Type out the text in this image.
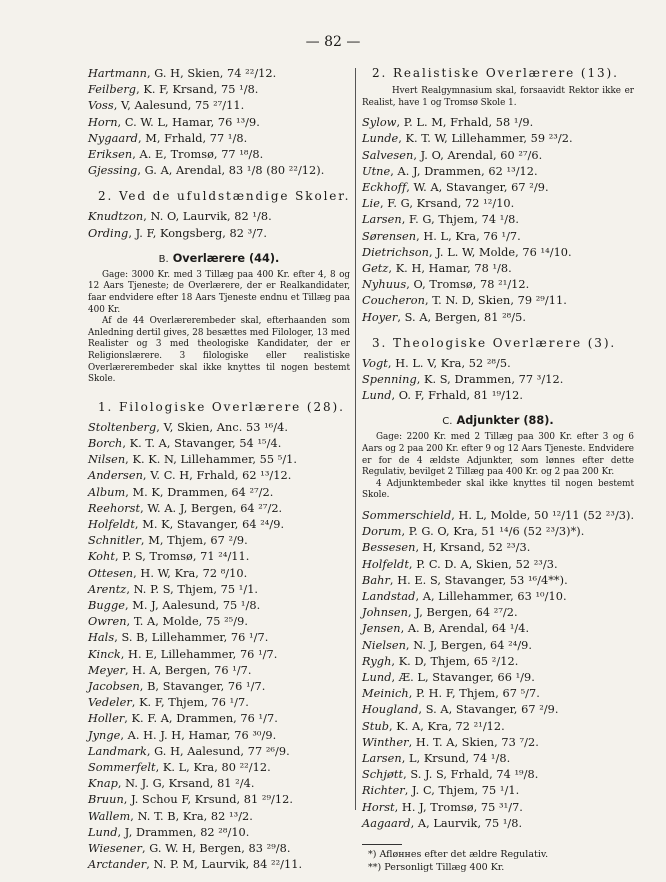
— 82 —
Hartmann, G. H, Skien, 74 ²²/12.
Feilberg, K. F, Krsand, 75 ¹/8.
Voss, V, Aalesund, 75 ²⁷/11.
Horn, C. W. L, Hamar, 76 ¹³/9.
Nygaard, M, Frhald, 77 ¹/8.
Eriksen, A. E, Tromsø, 77 ¹⁸/8.
Gjessing, G. A, Arendal, 83 ¹/8 (80 ²²/12).
2. Ved de ufuldstændige Skoler.
Knudtzon, N. O, Laurvik, 82 ¹/8.
Ording, J. F, Kongsberg, 82 ³/7.
B. Overlærere (44).

Gage: 3000 Kr. med 3 Tillæg paa 400 Kr. efter 4, 8 og 12 Aars Tjeneste; de Overlærere, der er Realkandidater, faar endvidere efter 18 Aars Tjeneste endnu et Tillæg paa 400 Kr.

Af de 44 Overlærerembeder skal, efterhaanden som Anledning dertil gives, 28 besættes med Filologer, 13 med Realister og 3 med theologiske Kandidater, der er Religionslærere. 3 filologiske eller realistiske Overlærerembeder skal ikke knyttes til nogen bestemt Skole.

1. Filologiske Overlærere (28).
Stoltenberg, V, Skien, Anc. 53 ¹⁶/4.
Borch, K. T. A, Stavanger, 54 ¹⁵/4.
Nilsen, K. K. N, Lillehammer, 55 ⁵/1.
Andersen, V. C. H, Frhald, 62 ¹³/12.
Album, M. K, Drammen, 64 ²⁷/2.
Reehorst, W. A. J, Bergen, 64 ²⁷/2.
Holfeldt, M. K, Stavanger, 64 ²⁴/9.
Schnitler, M, Thjem, 67 ²/9.
Koht, P. S, Tromsø, 71 ²⁴/11.
Ottesen, H. W, Kra, 72 ⁸/10.
Arentz, N. P. S, Thjem, 75 ¹/1.
Bugge, M. J, Aalesund, 75 ¹/8.
Owren, T. A, Molde, 75 ²⁵/9.
Hals, S. B, Lillehammer, 76 ¹/7.
Kinck, H. E, Lillehammer, 76 ¹/7.
Meyer, H. A, Bergen, 76 ¹/7.
Jacobsen, B, Stavanger, 76 ¹/7.
Vedeler, K. F, Thjem, 76 ¹/7.
Holler, K. F. A, Drammen, 76 ¹/7.
Jynge, A. H. J. H, Hamar, 76 ³⁰/9.
Landmark, G. H, Aalesund, 77 ²⁶/9.
Sommerfelt, K. L, Kra, 80 ²²/12.
Knap, N. J. G, Krsand, 81 ²/4.
Bruun, J. Schou F, Krsund, 81 ²⁹/12.
Wallem, N. T. B, Kra, 82 ¹³/2.
Lund, J, Drammen, 82 ²⁸/10.
Wiesener, G. W. H, Bergen, 83 ²⁹/8.
Arctander, N. P. M, Laurvik, 84 ²²/11.
2. Realistiske Overlærere (13).

Hvert Realgymnasium skal, forsaavidt Rektor ikke er Realist, have 1 og Tromsø Skole 1.

Sylow, P. L. M, Frhald, 58 ¹/9.
Lunde, K. T. W, Lillehammer, 59 ²³/2.
Salvesen, J. O, Arendal, 60 ²⁷/6.
Utne, A. J, Drammen, 62 ¹³/12.
Eckhoff, W. A, Stavanger, 67 ²/9.
Lie, F. G, Krsand, 72 ¹²/10.
Larsen, F. G, Thjem, 74 ¹/8.
Sørensen, H. L, Kra, 76 ¹/7.
Dietrichson, J. L. W, Molde, 76 ¹⁴/10.
Getz, K. H, Hamar, 78 ¹/8.
Nyhuus, O, Tromsø, 78 ²¹/12.
Coucheron, T. N. D, Skien, 79 ²⁹/11.
Hoyer, S. A, Bergen, 81 ²⁸/5.
3. Theologiske Overlærere (3).
Vogt, H. L. V, Kra, 52 ²⁸/5.
Spenning, K. S, Drammen, 77 ³/12.
Lund, O. F, Frhald, 81 ¹⁹/12.
C. Adjunkter (88).

Gage: 2200 Kr. med 2 Tillæg paa 300 Kr. efter 3 og 6 Aars og 2 paa 200 Kr. efter 9 og 12 Aars Tjeneste. Endvidere er for de 4 ældste Adjunkter, som lønnes efter dette Regulativ, bevilget 2 Tillæg paa 400 Kr. og 2 paa 200 Kr.

4 Adjunktembeder skal ikke knyttes til nogen bestemt Skole.

Sommerschield, H. L, Molde, 50 ¹²/11 (52 ²³/3).
Dorum, P. G. O, Kra, 51 ¹⁴/6 (52 ²³/3)*).
Bessesen, H, Krsand, 52 ²³/3.
Holfeldt, P. C. D. A, Skien, 52 ²³/3.
Bahr, H. E. S, Stavanger, 53 ¹⁶/4**).
Landstad, A, Lillehammer, 63 ¹⁰/10.
Johnsen, J, Bergen, 64 ²⁷/2.
Jensen, A. B, Arendal, 64 ¹/4.
Nielsen, N. J, Bergen, 64 ²⁴/9.
Rygh, K. D, Thjem, 65 ²/12.
Lund, Æ. L, Stavanger, 66 ¹/9.
Meinich, P. H. F, Thjem, 67 ⁵/7.
Hougland, S. A, Stavanger, 67 ²/9.
Stub, K. A, Kra, 72 ²¹/12.
Winther, H. T. A, Skien, 73 ⁷/2.
Larsen, L, Krsund, 74 ¹/8.
Schjøtt, S. J. S, Frhald, 74 ¹⁹/8.
Richter, J. C, Thjem, 75 ¹/1.
Horst, H. J, Tromsø, 75 ³¹/7.
Aagaard, A, Laurvik, 75 ¹/8.
*) Afløннes efter det ældre Regulativ.
**) Personligt Tillæg 400 Kr.
